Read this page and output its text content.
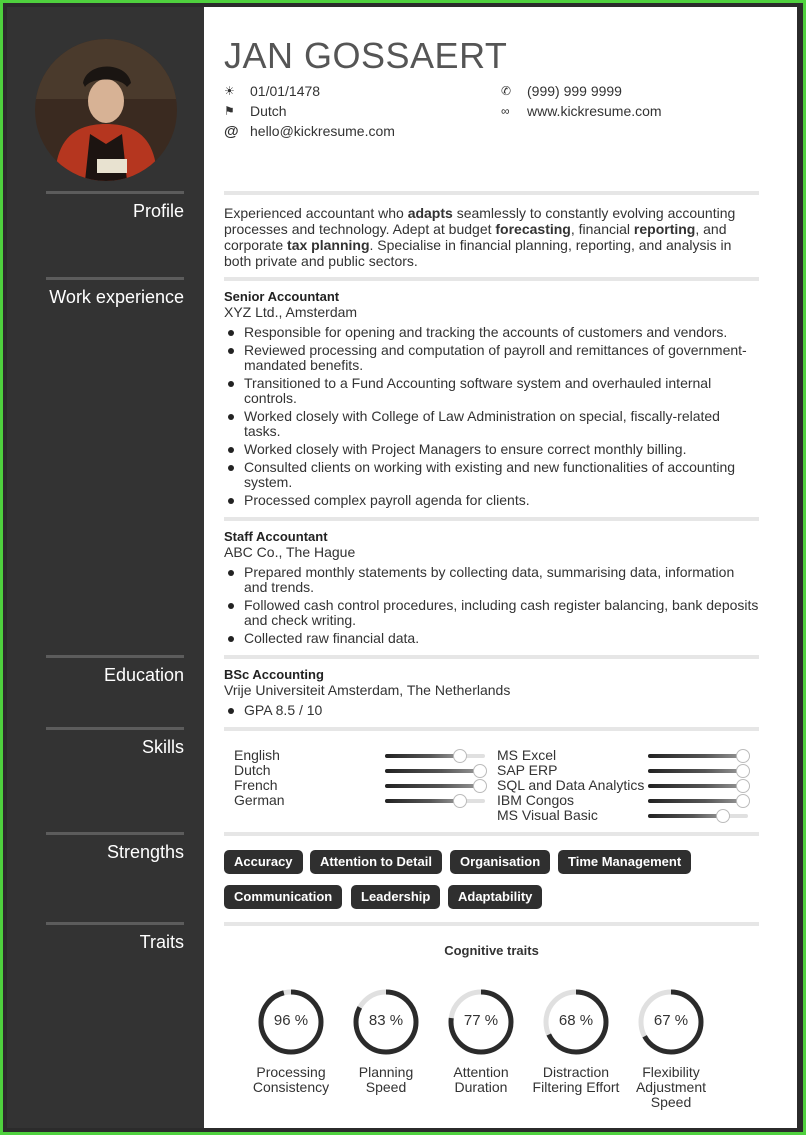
Profile
Work experience
Education
Skills
Strengths
Traits
JAN GOSSAERT
☀	01/01/1478
⚑	Dutch
@ hello@kickresume.com
✆	(999) 999 9999
∞	www.kickresume.com

Experienced accountant who adapts seamlessly to constantly evolving accounting processes and technology. Adept at budget forecasting, financial reporting, and corporate tax planning. Specialise in financial planning, reporting, and analysis in both private and public sectors.

Senior Accountant
XYZ Ltd., Amsterdam
Responsible for opening and tracking the accounts of customers and vendors.
Reviewed processing and computation of payroll and remittances of government-mandated benefits.
Transitioned to a Fund Accounting software system and overhauled internal controls.
Worked closely with College of Law Administration on special, fiscally-related tasks.
Worked closely with Project Managers to ensure correct monthly billing.
Consulted clients on working with existing and new functionalities of accounting system.
Processed complex payroll agenda for clients.
Staff Accountant
ABC Co., The Hague
Prepared monthly statements by collecting data, summarising data, information and trends.
Followed cash control procedures, including cash register balancing, bank deposits and check writing.
Collected raw financial data.
BSc Accounting
Vrije Universiteit Amsterdam, The Netherlands
GPA 8.5 / 10
English
Dutch
French
German
MS Excel
SAP ERP
SQL and Data Analytics
IBM Congos
MS Visual Basic
Accuracy	Attention to Detail	Organisation	Time Management
Communication	Leadership	Adaptability
Cognitive traits
96 %
Processing Consistency
83 %
Planning Speed
77 %
Attention Duration
68 %
Distraction Filtering Effort
67 %
Flexibility Adjustment Speed
